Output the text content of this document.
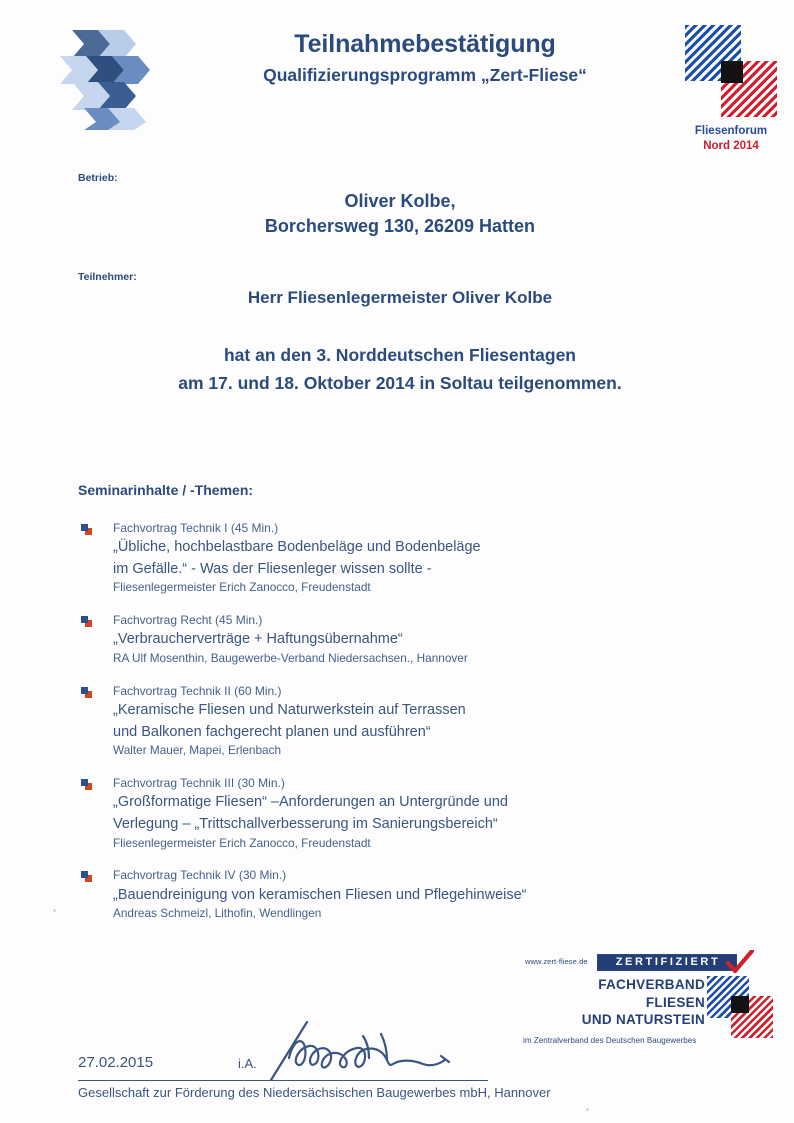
Teilnahmebestätigung
Qualifizierungsprogramm „Zert-Fliese“
Fliesenforum
Nord 2014
Betrieb:
Oliver Kolbe,
Borchersweg 130, 26209 Hatten
Teilnehmer:
Herr Fliesenlegermeister Oliver Kolbe
hat an den 3. Norddeutschen Fliesentagen
am 17. und 18. Oktober 2014 in Soltau teilgenommen.
Seminarinhalte / -Themen:

Fachvortrag Technik I (45 Min.)

„Übliche, hochbelastbare Bodenbeläge und Bodenbeläge

im Gefälle.“ - Was der Fliesenleger wissen sollte -

Fliesenlegermeister Erich Zanocco, Freudenstadt

Fachvortrag Recht (45 Min.)

„Verbraucherverträge + Haftungsübernahme“

RA Ulf Mosenthin, Baugewerbe-Verband Niedersachsen., Hannover

Fachvortrag Technik II (60 Min.)

„Keramische Fliesen und Naturwerkstein auf Terrassen

und Balkonen fachgerecht planen und ausführen“

Walter Mauer, Mapei, Erlenbach

Fachvortrag Technik III (30 Min.)

„Großformatige Fliesen“ –Anforderungen an Untergründe und

Verlegung – „Trittschallverbesserung im Sanierungsbereich“

Fliesenlegermeister Erich Zanocco, Freudenstadt

Fachvortrag Technik IV (30 Min.)

„Bauendreinigung von keramischen Fliesen und Pflegehinweise“

Andreas Schmeizl, Lithofin, Wendlingen

www.zert-fliese.de	ZERTIFIZIERT
FACHVERBAND
FLIESEN
UND NATURSTEIN
im Zentralverband des Deutschen Baugewerbes
27.02.2015	i.A.
Gesellschaft zur Förderung des Niedersächsischen Baugewerbes mbH, Hannover
